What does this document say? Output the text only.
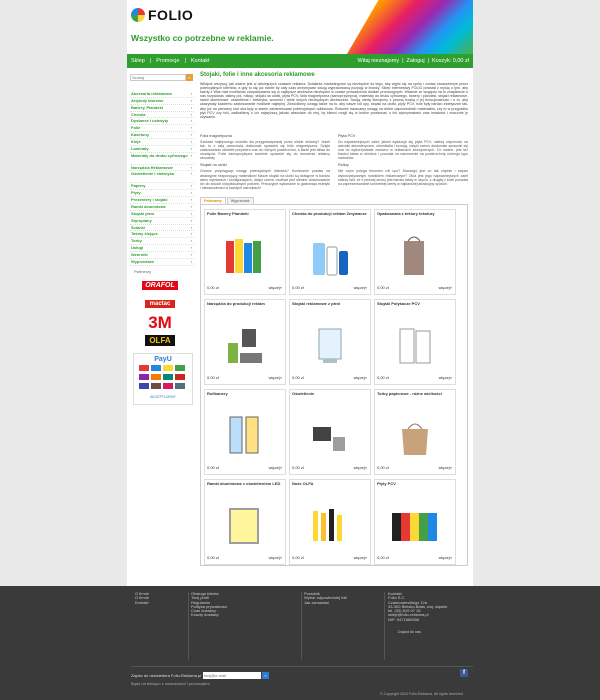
FOLIO
Wszystko co potrzebne w reklamie.
Sklep | Promocje | Kontakt	Witaj nieznajomy | Zaloguj | Koszyk: 0,00 zł
Szukaj
»
Akcesoria reklamowe	›
Artykuły biurowe	›
Banery, Plandeki	›
Chemia	›
Dystanse i uchwyty	›
Folie	›
Kasetony	›
Kleje	›
Laminaty	›
Materiały do druku cyfrowego ›
Narzędzia Reklamowe	›
Oświetlenie i elektryka	›
Papiery	›
Płyty	›
Prezentery i stojaki	›
Ramki aluminiowe	›
Stojaki piesi	›
Styropiany	›
Ścianki	›
Taśmy klejące	›
Torby	›
Usługi	›
Wzorniki	›
Wyprzedaże	›
Partnerzy
ORAFOL
mactac
3M
OLFA
PayU
AKCEPTUJEMY
Stojaki, folie i inne akcesoria reklamowe
Witajcie wszyscy, jak ważne jest w dzisiejszych czasach reklama. Działania marketingowe są niezbędne do tego, aby wyjść się na rynku i zostać zauważonym przez potencjalnych klientów, a gdy to się już stanie by cały czas utrzymywać swoją wypracowaną pozycję w branży. Sklep internetowy FOLIO powstał z myślą o tym, aby każdy z Was miał możliwość zaopatrywania się w najlepsze akcesoria niezbędne w czasie prowadzenia działań promocyjnych. Właśnie ze względu na to znajdziecie u nas rozpalania, taśmę pól, rolkup, stojaki na ulotki, płyta PCV, folia magnetyczna (samoprzylepna), materiały do druku cyfrowego, banery i plandeki, stojaki reklamowe, ramki aluminiowe, oświetlenie i elektryka, wzorniki i wiele innych niezbędnych akcesoriów. Swoją ofertę kierujemy z pewną troską o jej funkcjonalność i o to, aby ukazywały każdemu zastosowanie możliwie najlepiej. Zwróciliśmy uwagę także na to, aby nasze roll upy, stojaki na ulotki, płyty PCV, folie były bardzo estetyczne tak, aby już na pierwszy rzut oka były w stanie zainteresować potencjalnych odbiorców. Również zwracamy uwagę na dobór odpowiednich materiałów, czy to w przypadku płyt PCV czy folii, zadbaliśmy o ich najwyższą jakość właściwie do niej, by klienci mogli się w krótce przekonać o ich wytrzymałości oraz trwałości i znacznie je używaniu.
Folia magnetyczna

Szukasz najlepszego nośnika dla przygotowywanej przez siebie reklamy? Jeżeli tak, to z całą pewnością doskonale sprawdzi się folia magnetyczna. Dzięki zastosowaniu idealnie przywiera ona do różnych powierzchni, a także jest łatwa do usunięcia. Folia samoprzylepna świetnie sprawdzi się do tworzenia reklamy wizualnej.

Stojaki na ulotki

Chcesz przyciągnąć uwagę potencjalnych klientów? Koniecznie postaw na atrakcyjnie eksponujący materiałów! Nasze stojaki na ulotki są dostępne w bardzo wielu wymiarach i konfiguracjach, dzięki czemu możliwe jest idealne dostosowanie ich do swoich indywidualnych potrzeb. Precyzyjne wykonanie to gwarancja estetyki i niezawodności w każdych warunkach!

Płyta PCV

Do najważniejszych zalet, jakimi wykazuje się płyta PCV, należą odporność na warunki atmosferyczne, chemikalia i korozję, dzięki czemu doskonale sprawdzi się ona do wykorzystania zarówno w reklamach zewnętrznych. Co ważne, jest też bardzo łatwa w obróbce i pozwala na nanoszenie na powierzchnię różnego typu nadruków.

Rollup

Nie czym polega fenomen roll upu? Dlaczego jest on tak chętnie i często wykorzystywanym nośnikiem reklamowym? Otóż jest jego najważniejszych zalet należy fakt, że z pewnej strony jest bardzo łatwy w użyciu, z drugiej z kolei pozwala na zaprezentowanie konkretnej oferty w najbardziej atrakcyjny sposób.

Polecamy	Wyprzedaż
Folie Banery Plandeki
0,00 zł	więcej»
Chemia do produkcji reklam Zmywacze
0,00 zł	więcej»
Opakowania z teklury tekstury
0,00 zł	więcej»
Narzędzia do produkcji reklam
0,00 zł	więcej»
Stojaki reklamowe z płexi
0,00 zł	więcej»
Stojaki Połykacze PCV
0,00 zł	więcej»
Rollbanery
0,00 zł	więcej»
Oświetlenie
0,00 zł	więcej»
Torby papierowe - różne wielkości
0,00 zł	więcej»
Ramki aluminiowe z oświetleniem LED
0,00 zł	więcej»
Noże OLFA
0,00 zł	więcej»
Płyty PCV
0,00 zł	więcej»
O firmie
O firmie
Kontakt
Obsługa klienta
Twój profil
Regulamin
Polityka prywatności
Czas dostawy
Koszty dostawy
Poradnik
Wybór odpowiedniej folii
Jak zamawiać
Kontakt
Folio S.C.
Czaśnowieckiego 12a
43-300 Bielsko-Biała, woj. śląskie
tel. (33) 815 07 18
sklep@folio-reklama.pl
NIP: 5471886556
Dojazd do nas
Zapisz do newslettera Folio-Reklama.pl
twój@e-mail	»	f
Bądź na bieżąco z nowościami i promocjami
© Copyright 2024 Folio-Reklama. All rights reserved
